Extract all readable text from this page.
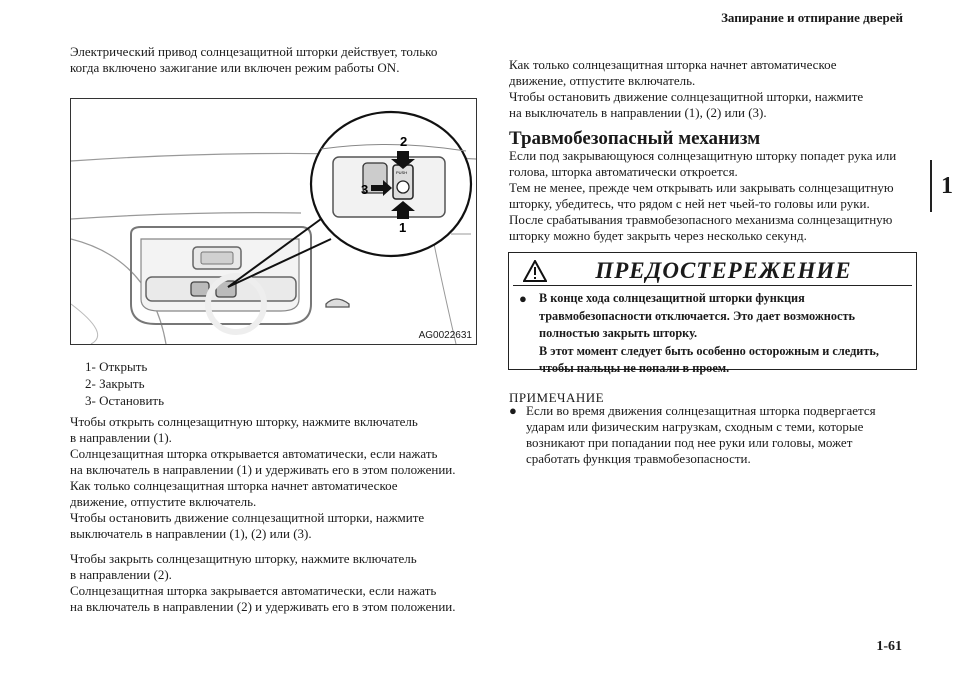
Запирание и отпирание дверей
1
Электрический привод солнцезащитной шторки действует, только
когда включено зажигание или включен режим работы ON.
PUSH
2
1
3
AG0022631
1- Открыть
2- Закрыть
3- Остановить
Чтобы открыть солнцезащитную шторку, нажмите включатель
в направлении (1).
Солнцезащитная шторка открывается автоматически, если нажать
на включатель в направлении (1) и удерживать его в этом положении.
Как только солнцезащитная шторка начнет автоматическое
движение, отпустите включатель.
Чтобы остановить движение солнцезащитной шторки, нажмите
выключатель в направлении (1), (2) или (3).
Чтобы закрыть солнцезащитную шторку, нажмите включатель
в направлении (2).
Солнцезащитная шторка закрывается автоматически, если нажать
на включатель в направлении (2) и удерживать его в этом положении.
Как только солнцезащитная шторка начнет автоматическое
движение, отпустите включатель.
Чтобы остановить движение солнцезащитной шторки, нажмите
на выключатель в направлении (1), (2) или (3).
Травмобезопасный механизм
Если под закрывающуюся солнцезащитную шторку попадет рука или
голова, шторка автоматически откроется.
Тем не менее, прежде чем открывать или закрывать солнцезащитную
шторку, убедитесь, что рядом с ней нет чьей-то головы или руки.
После срабатывания травмобезопасного механизма солнцезащитную
шторку можно будет закрыть через несколько секунд.
ПРЕДОСТЕРЕЖЕНИЕ
● В конце хода солнцезащитной шторки функция
травмобезопасности отключается. Это дает возможность
полностью закрыть шторку.
В этот момент следует быть особенно осторожным и следить,
чтобы пальцы не попали в проем.
ПРИМЕЧАНИЕ
● Если во время движения солнцезащитная шторка подвергается
ударам или физическим нагрузкам, сходным с теми, которые
возникают при попадании под нее руки или головы, может
сработать функция травмобезопасности.
1-61
